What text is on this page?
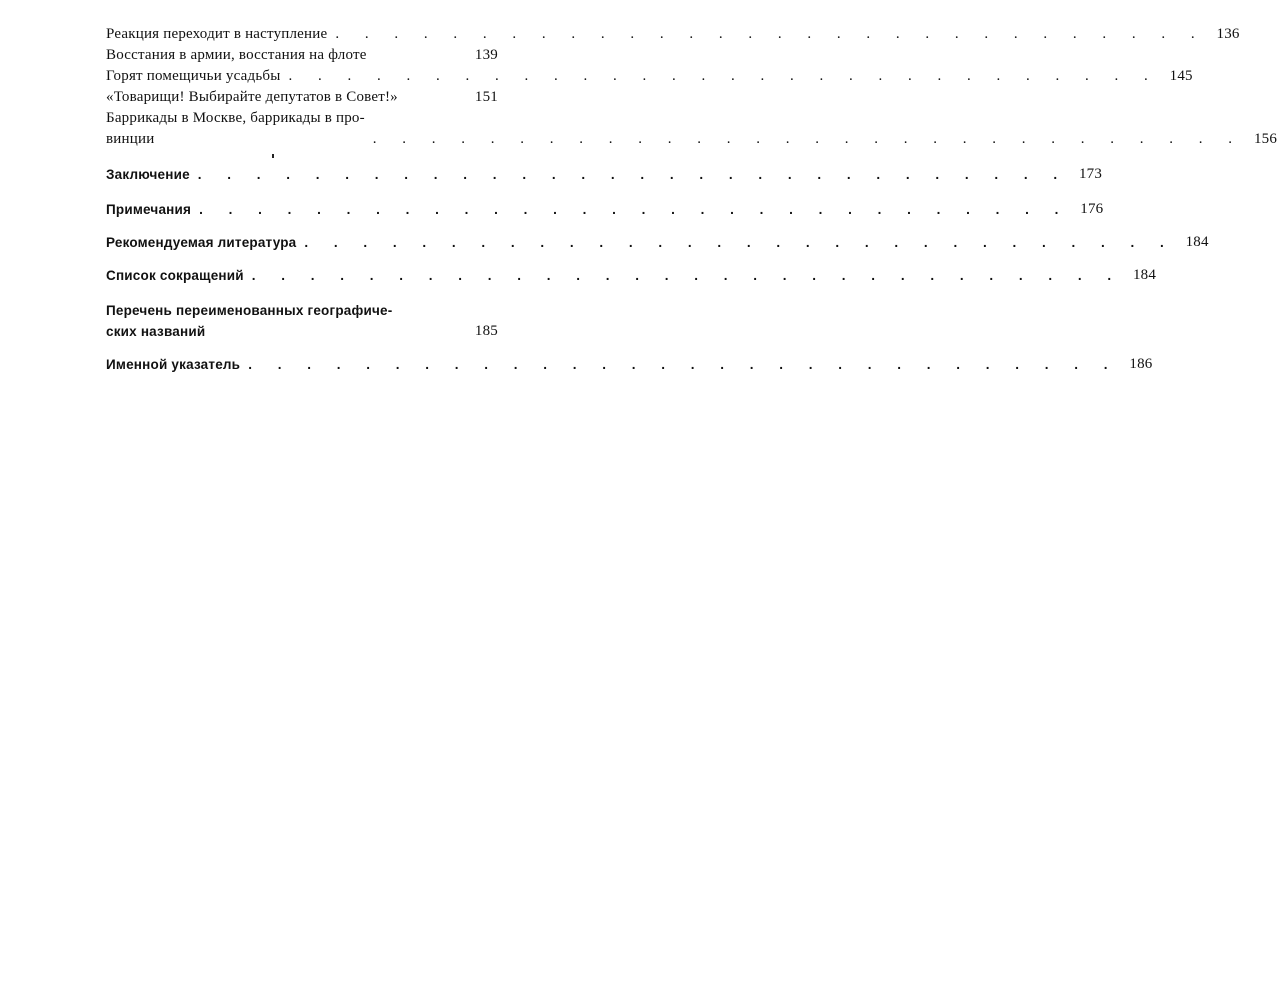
Реакция переходит в наступление . . . . . . . . . . . . . . . . . . . . . . . . . . . . . . 136
Восстания в армии, восстания на флоте	139
Горят помещичьи усадьбы . . . . . . . . . . . . . . . . . . . . . . . . . . . . . . 145
«Товарищи! Выбирайте депутатов в Совет!»	151
Баррикады в Москве, баррикады в про-
винции	. . . . . . . . . . . . . . . . . . . . . . . . . . . . . . 156
Заключение . . . . . . . . . . . . . . . . . . . . . . . . . . . . . . 173
Примечания . . . . . . . . . . . . . . . . . . . . . . . . . . . . . . 176
Рекомендуемая литература . . . . . . . . . . . . . . . . . . . . . . . . . . . . . . 184
Список сокращений . . . . . . . . . . . . . . . . . . . . . . . . . . . . . . 184
Перечень переименованных географиче-
ских названий	185
Именной указатель . . . . . . . . . . . . . . . . . . . . . . . . . . . . . . 186
